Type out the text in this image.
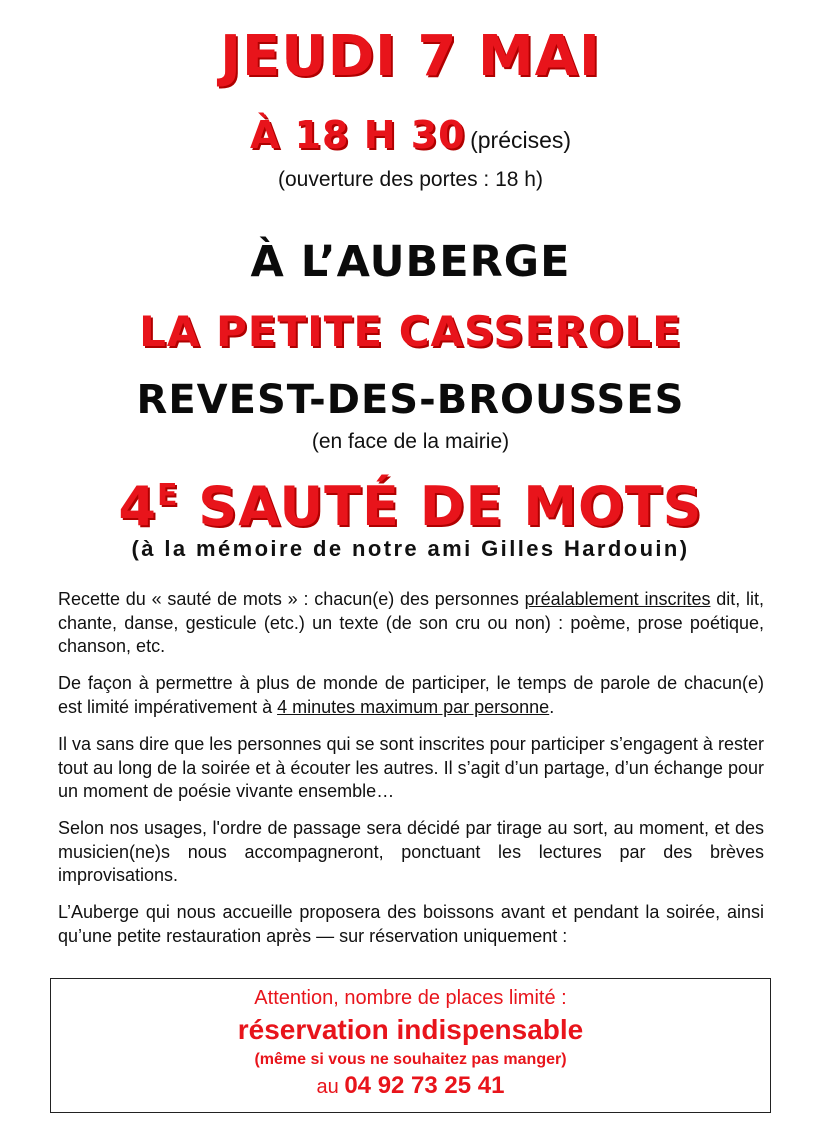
JEUDI 7 MAI
À 18 H 30 (précises)
(ouverture des portes : 18 h)
À L’AUBERGE
LA PETITE CASSEROLE
REVEST-DES-BROUSSES
(en face de la mairie)
$4^E$ SAUTÉ DE MOTS
(à la mémoire de notre ami Gilles Hardouin)
Recette du « sauté de mots » : chacun(e) des personnes préalablement inscrites dit, lit, chante, danse, gesticule (etc.) un texte (de son cru ou non) : poème, prose poétique, chanson, etc.
De façon à permettre à plus de monde de participer, le temps de parole de chacun(e) est limité impérativement à 4 minutes maximum par personne.
Il va sans dire que les personnes qui se sont inscrites pour participer s’engagent à rester tout au long de la soirée et à écouter les autres. Il s’agit d’un partage, d’un échange pour un moment de poésie vivante ensemble…
Selon nos usages, l'ordre de passage sera décidé par tirage au sort, au moment, et des musicien(ne)s nous accompagneront, ponctuant les lectures par des brèves improvisations.
L’Auberge qui nous accueille proposera des boissons avant et pendant la soirée, ainsi qu’une petite restauration après — sur réservation uniquement :
Attention, nombre de places limité :
réservation indispensable
(même si vous ne souhaitez pas manger)
au 04 92 73 25 41
